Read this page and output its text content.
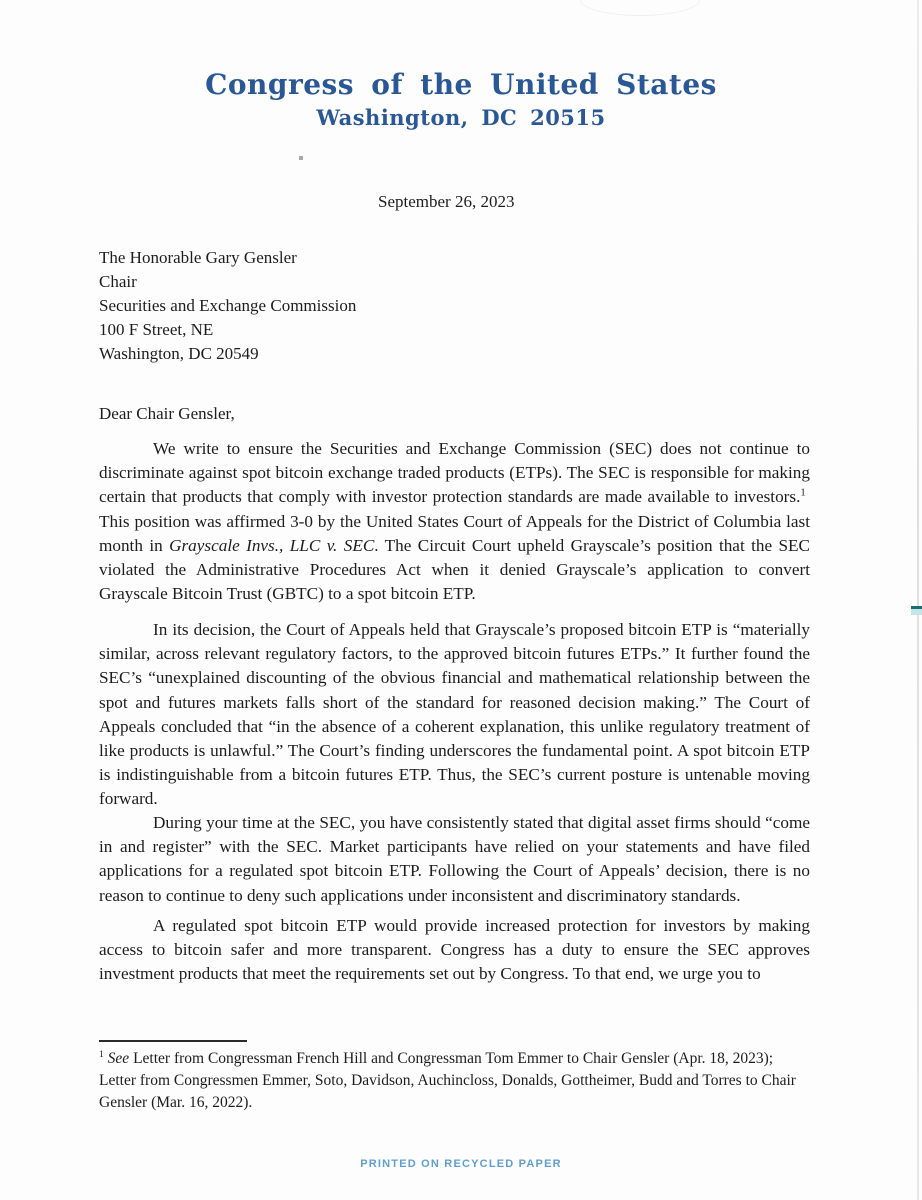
Congress of the United States
Washington, DC 20515
September 26, 2023
The Honorable Gary Gensler
Chair
Securities and Exchange Commission
100 F Street, NE
Washington, DC 20549
Dear Chair Gensler,

We write to ensure the Securities and Exchange Commission (SEC) does not continue to discriminate against spot bitcoin exchange traded products (ETPs). The SEC is responsible for making certain that products that comply with investor protection standards are made available to investors.$^1$  This position was affirmed 3-0 by the United States Court of Appeals for the District of Columbia last month in Grayscale Invs., LLC v. SEC. The Circuit Court upheld Grayscale’s position that the SEC violated the Administrative Procedures Act when it denied Grayscale’s application to convert Grayscale Bitcoin Trust (GBTC) to a spot bitcoin ETP.

In its decision, the Court of Appeals held that Grayscale’s proposed bitcoin ETP is “materially similar, across relevant regulatory factors, to the approved bitcoin futures ETPs.” It further found the SEC’s “unexplained discounting of the obvious financial and mathematical relationship between the spot and futures markets falls short of the standard for reasoned decision making.” The Court of Appeals concluded that “in the absence of a coherent explanation, this unlike regulatory treatment of like products is unlawful.” The Court’s finding underscores the fundamental point. A spot bitcoin ETP is indistinguishable from a bitcoin futures ETP. Thus, the SEC’s current posture is untenable moving forward.

During your time at the SEC, you have consistently stated that digital asset firms should “come in and register” with the SEC. Market participants have relied on your statements and have filed applications for a regulated spot bitcoin ETP. Following the Court of Appeals’ decision, there is no reason to continue to deny such applications under inconsistent and discriminatory standards.

A regulated spot bitcoin ETP would provide increased protection for investors by making access to bitcoin safer and more transparent. Congress has a duty to ensure the SEC approves investment products that meet the requirements set out by Congress. To that end, we urge you to

$^1$ See Letter from Congressman French Hill and Congressman Tom Emmer to Chair Gensler (Apr. 18, 2023); Letter from Congressmen Emmer, Soto, Davidson, Auchincloss, Donalds, Gottheimer, Budd and Torres to Chair Gensler (Mar. 16, 2022).
PRINTED ON RECYCLED PAPER
